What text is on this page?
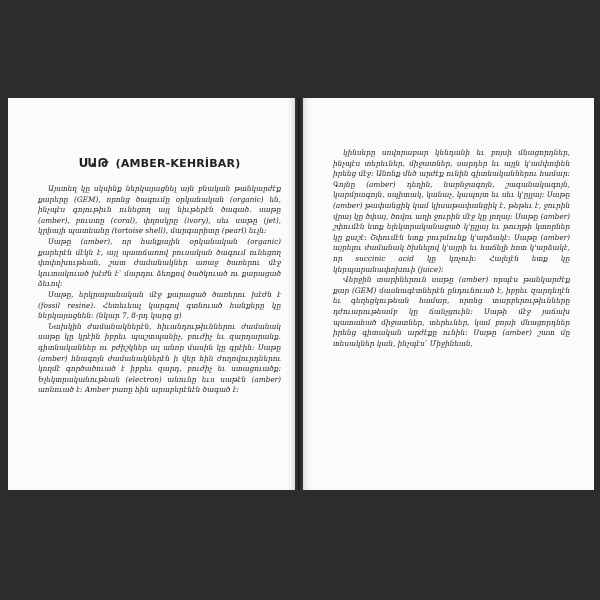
ՍԱԹ (AMBER-KEHRİBAR)

Այստեղ կը սկսինք ներկայացնել այն բնական թանկարժէք քարերը (GEM), որոնց ծագումը օրկանական (organic) են, ինչպէս գոյութիւն ունեցող այլ նիւթերէն ծագած. սաթը (amber), բուստը (coral), փղոսկրը (ivory), սեւ սաթը (jet), կրիայի պատեանը (tortoise shell), մարգարիտը (pearl) եւլն։

Սաթը (amber), որ հանքային օրկանական (organic) քարերէն մէկն է, այլ պատճառով բուսական ծագում ունեցող փոփոխութեան, շատ ժամանակներ առաջ ծառերու մէջ կուտակուած խէժն է՝ մարդու ձեռքով ծածկուած ու քարացած ձեւով։

Սաթը, երկրաբանական մէջ քարացած ծառերու խէժն է (fossil resine). Հետեւեալ կարգով գտնուած հանքերը կը ներկայացնեն։ (նկար 7, 8-րդ կարգ ց)

Նախկին ժամանակներէն, հիւանդութիւններու ժամանակ սաթը կը կրէին իբրեւ պաշտպանիչ, բուժիչ եւ զարդարանք. գիտնականներ ու բժիշկներ ալ անոր մասին կը գրէին։ Սաթը (amber) հնագոյն ժամանակներէն ի վեր հին ժողովուրդներու կողմէ գործածուած է իբրեւ զարդ, բուժիչ եւ ստացուածք։ Ելեկտրականութեան (electron) անունը եւս սաթէն (amber) առնուած է։ Amber բառը հին արաբերէնէն ծագած է։

կինսերը սովորաբար կենդանի եւ բոյսի մնացորդներ, ինչպէս տերեւներ, միջատներ, սարդեր եւ այլն կ'ամփոփեն իրենց մէջ։ Անոնք մեծ արժէք ունին գիտնականներու համար։ Գոյնը (amber) դեղին, նարնջագոյն, շագանակագոյն, կարմրագոյն, սպիտակ, կանաչ, կապոյտ եւ սեւ կ'ըլլայ։ Սաթը (amber) թափանցիկ կամ կիսաթափանցիկ է, թեթեւ է, ջուրին վրայ կը ծփայ, ծովու աղի ջուրին մէջ կը լողայ։ Սաթը (amber) շփումէն ետք ելեկտրականացած կ'ըլլայ եւ թուղթի կտորներ կը քաշէ։ Շփումէն ետք բուրմունք կ'արձակէ։ Սաթը (amber) այրելու ժամանակ ծխնելով կ'այրի եւ հաճելի հոտ կ'արձակէ, որ succinic acid կը կոչուի։ Հալելէն ետք կը կերպարանափոխուի (juice)։

Վերջին տարիներուն սաթը (amber) որպէս թանկարժէք քար (GEM) մասնագէտներէն ընդունուած է, իբրեւ զարդեղէն եւ գեղեցկութեան համար, որոնց տարբերութիւնները դժուարութեամբ կը ճանչցուին։ Սաթի մէջ յաճախ պատահած միջատներ, տերեւներ, կամ բոյսի մնացորդներ իրենց գիտական արժէքը ունին։ Սաթը (amber) շատ մը տեսակներ կան, ինչպէս՝ Միջինեան,
